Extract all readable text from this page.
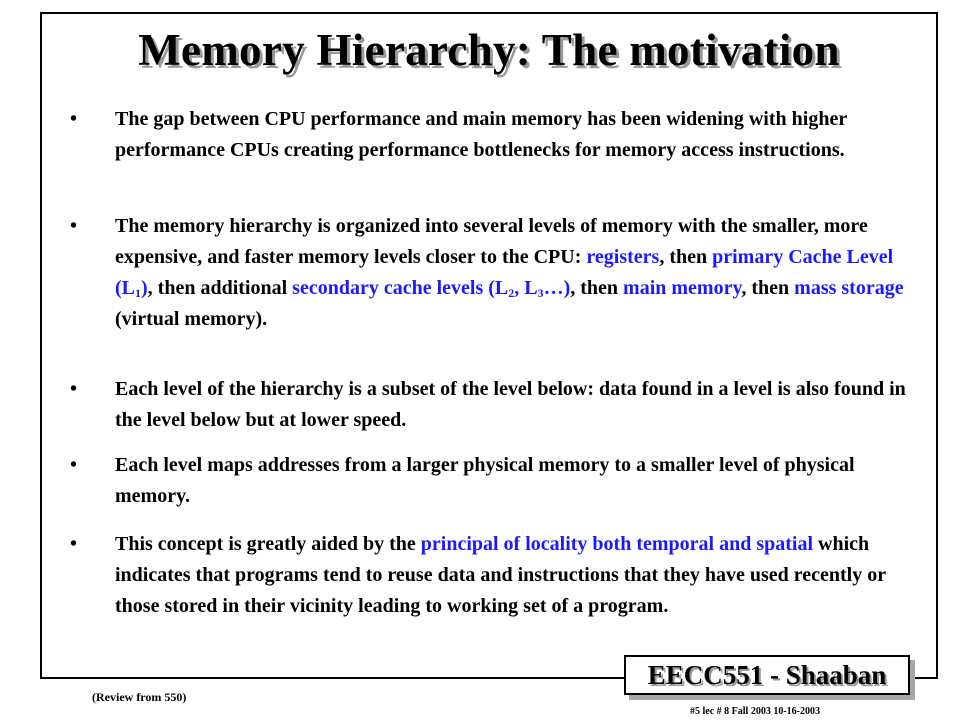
Memory Hierarchy: The motivation
• The gap between CPU performance and main memory has been widening with higher performance CPUs creating performance bottlenecks for memory access instructions.
• The memory hierarchy is organized into several levels of memory with the smaller, more expensive, and faster memory levels closer to the CPU: registers, then primary Cache Level $(L_1)$, then additional secondary cache levels ($L_2$, $L_3\dots$), then main memory, then mass storage (virtual memory).
• Each level of the hierarchy is a subset of the level below: data found in a level is also found in the level below but at lower speed.
• Each level maps addresses from a larger physical memory to a smaller level of physical memory.
• This concept is greatly aided by the principal of locality both temporal and spatial which indicates that programs tend to reuse data and instructions that they have used recently or those stored in their vicinity leading to working set of a program.
(Review from 550)
EECC551 - Shaaban
#5 lec # 8 Fall 2003 10-16-2003
